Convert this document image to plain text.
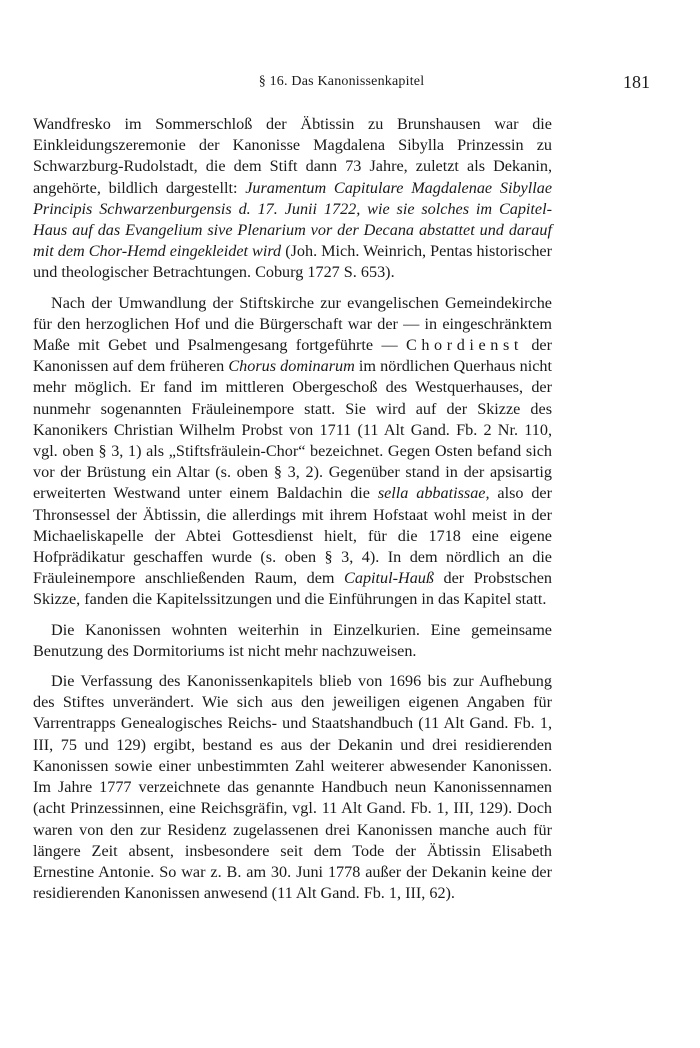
§ 16. Das Kanonissenkapitel	181

Wandfresko im Sommerschloß der Äbtissin zu Brunshausen war die Einkleidungszeremonie der Kanonisse Magdalena Sibylla Prinzessin zu Schwarzburg-Rudolstadt, die dem Stift dann 73 Jahre, zuletzt als Dekanin, angehörte, bildlich dargestellt: Juramentum Capitulare Magdalenae Sibyllae Principis Schwarzenburgensis d. 17. Junii 1722, wie sie solches im Capitel-Haus auf das Evangelium sive Plenarium vor der Decana abstattet und darauf mit dem Chor-Hemd eingekleidet wird (Joh. Mich. Weinrich, Pentas historischer und theologischer Betrachtungen. Coburg 1727 S. 653).

Nach der Umwandlung der Stiftskirche zur evangelischen Gemeindekirche für den herzoglichen Hof und die Bürgerschaft war der — in eingeschränktem Maße mit Gebet und Psalmengesang fortgeführte — Chordienst der Kanonissen auf dem früheren Chorus dominarum im nördlichen Querhaus nicht mehr möglich. Er fand im mittleren Obergeschoß des Westquerhauses, der nunmehr sogenannten Fräuleinempore statt. Sie wird auf der Skizze des Kanonikers Christian Wilhelm Probst von 1711 (11 Alt Gand. Fb. 2 Nr. 110, vgl. oben § 3, 1) als „Stiftsfräulein-Chor“ bezeichnet. Gegen Osten befand sich vor der Brüstung ein Altar (s. oben § 3, 2). Gegenüber stand in der apsisartig erweiterten Westwand unter einem Baldachin die sella abbatissae, also der Thronsessel der Äbtissin, die allerdings mit ihrem Hofstaat wohl meist in der Michaeliskapelle der Abtei Gottesdienst hielt, für die 1718 eine eigene Hofprädikatur geschaffen wurde (s. oben § 3, 4). In dem nördlich an die Fräuleinempore anschließenden Raum, dem Capitul-Hauß der Probstschen Skizze, fanden die Kapitelssitzungen und die Einführungen in das Kapitel statt.

Die Kanonissen wohnten weiterhin in Einzelkurien. Eine gemeinsame Benutzung des Dormitoriums ist nicht mehr nachzuweisen.

Die Verfassung des Kanonissenkapitels blieb von 1696 bis zur Aufhebung des Stiftes unverändert. Wie sich aus den jeweiligen eigenen Angaben für Varrentrapps Genealogisches Reichs- und Staatshandbuch (11 Alt Gand. Fb. 1, III, 75 und 129) ergibt, bestand es aus der Dekanin und drei residierenden Kanonissen sowie einer unbestimmten Zahl weiterer abwesender Kanonissen. Im Jahre 1777 verzeichnete das genannte Handbuch neun Kanonissennamen (acht Prinzessinnen, eine Reichsgräfin, vgl. 11 Alt Gand. Fb. 1, III, 129). Doch waren von den zur Residenz zugelassenen drei Kanonissen manche auch für längere Zeit absent, insbesondere seit dem Tode der Äbtissin Elisabeth Ernestine Antonie. So war z. B. am 30. Juni 1778 außer der Dekanin keine der residierenden Kanonissen anwesend (11 Alt Gand. Fb. 1, III, 62).
